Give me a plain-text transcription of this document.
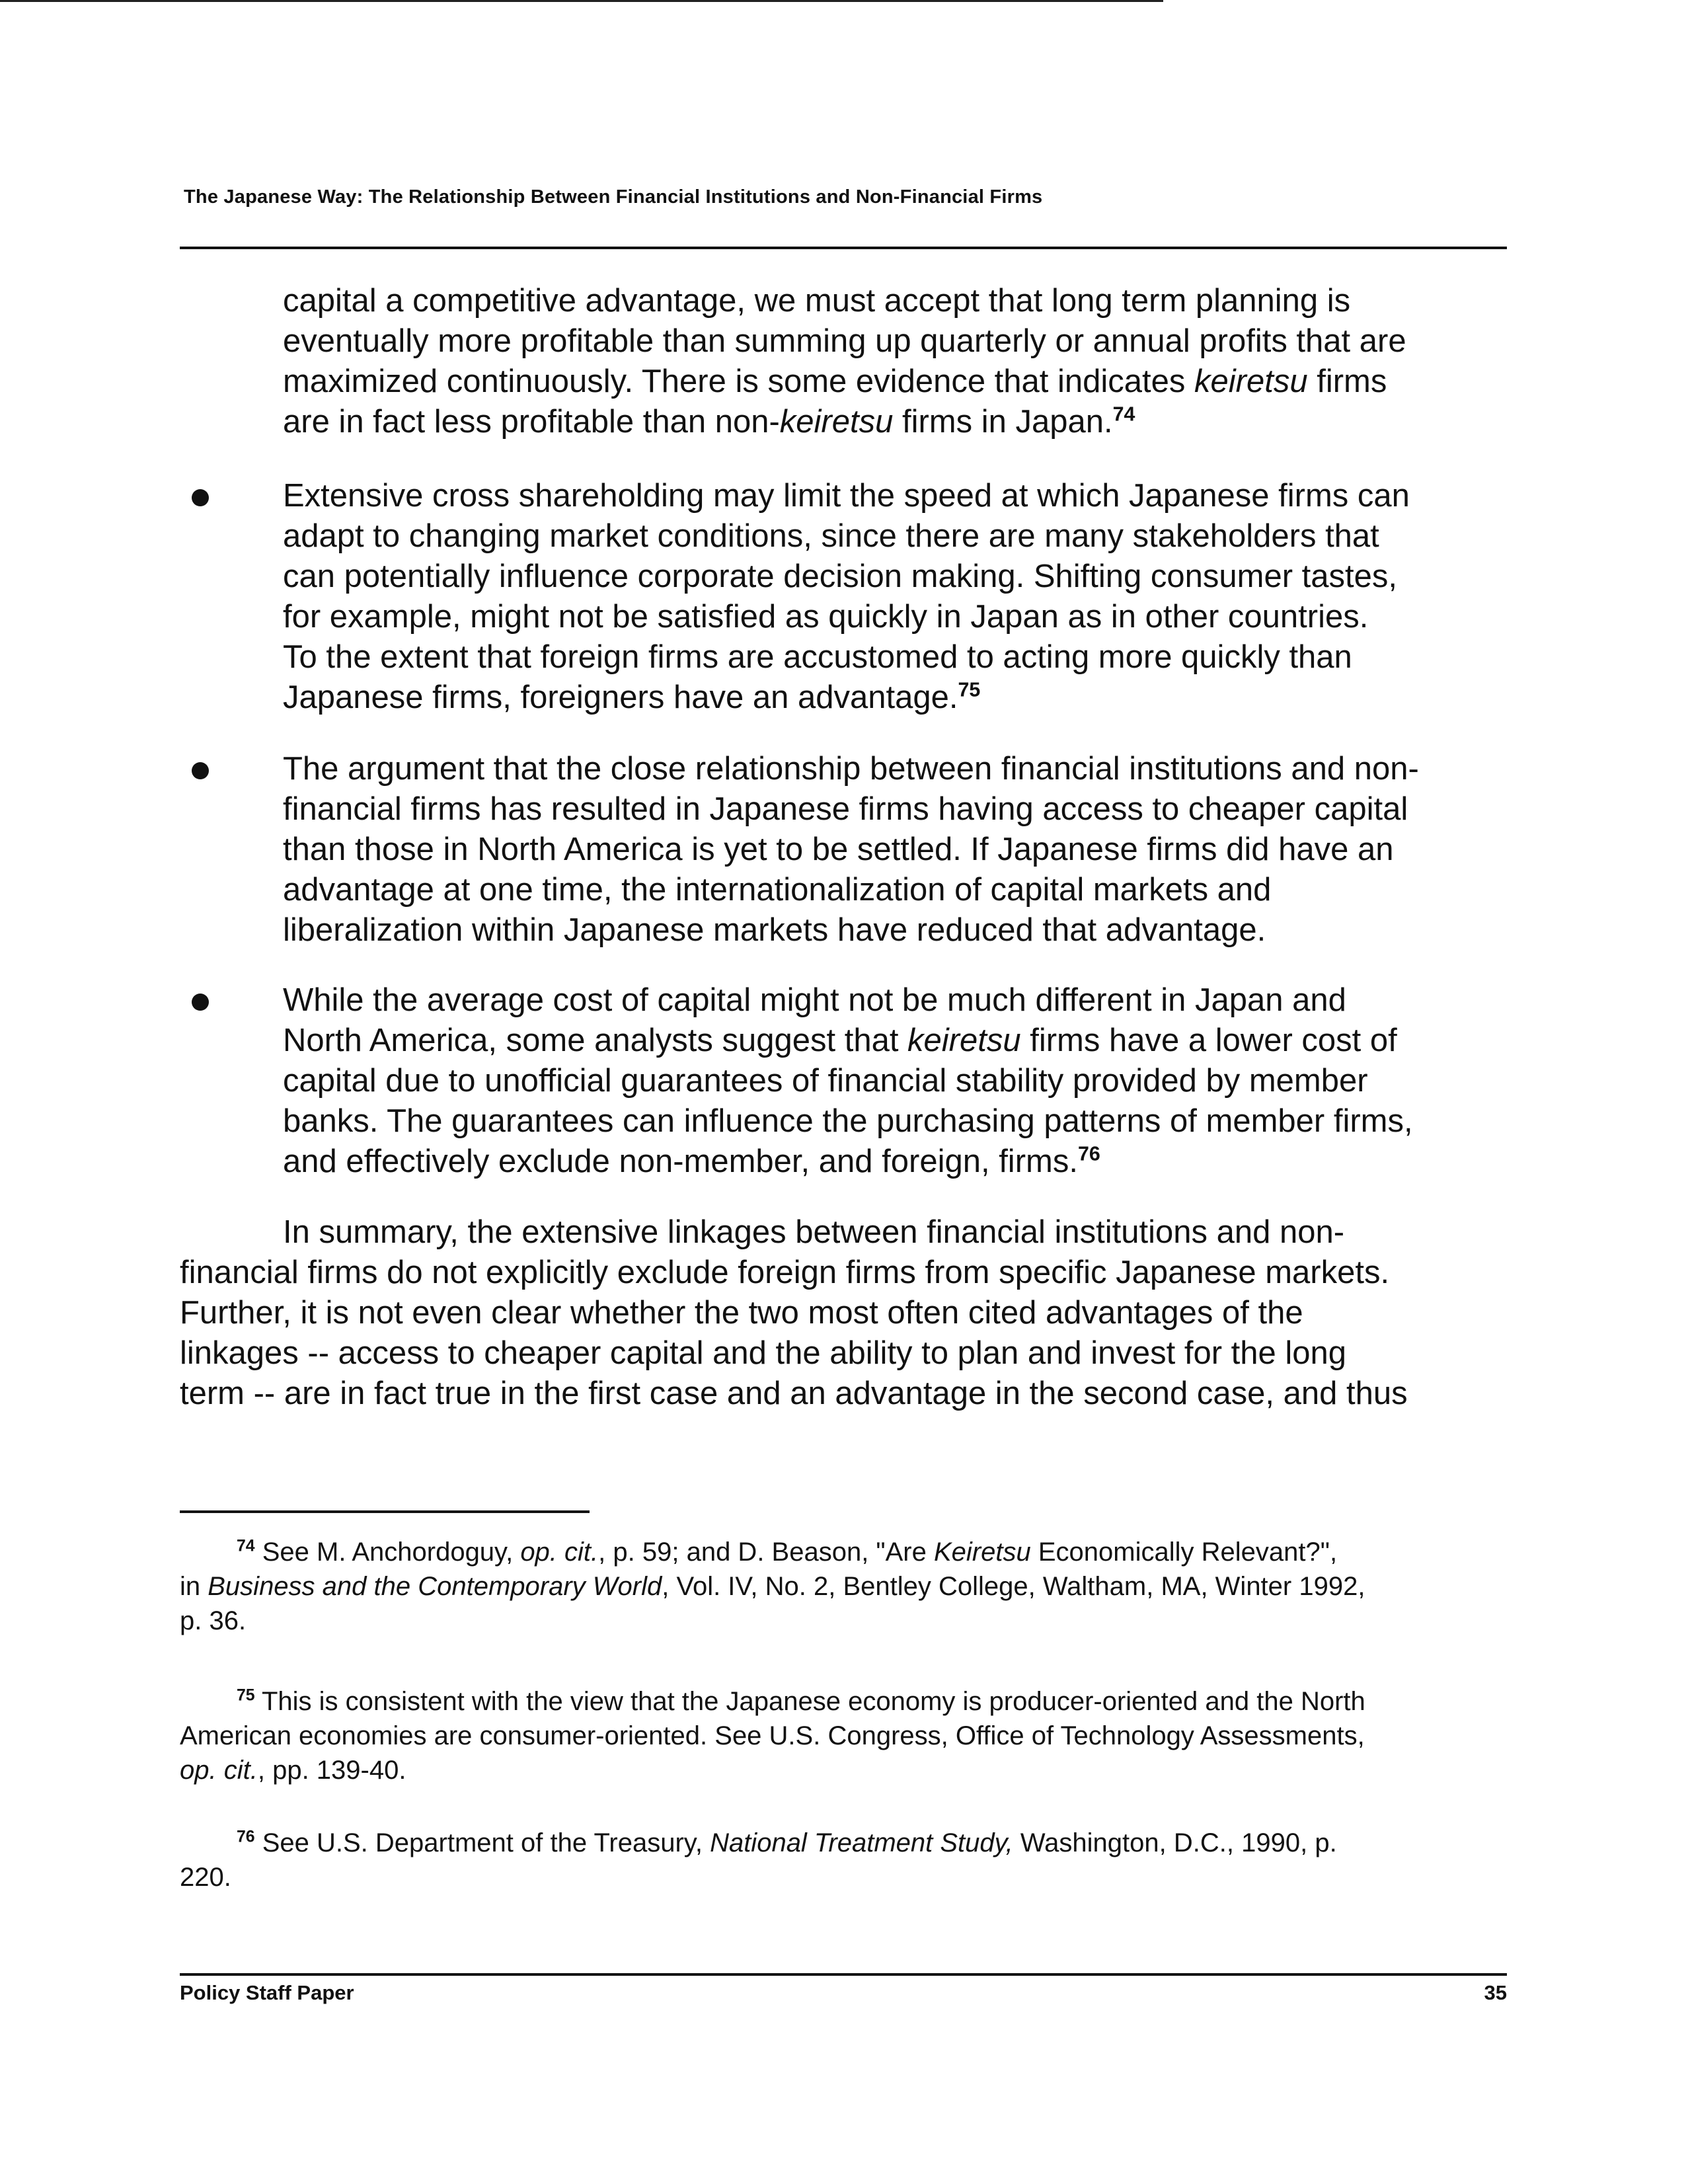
The Japanese Way: The Relationship Between Financial Institutions and Non-Financial Firms
capital a competitive advantage, we must accept that long term planning is
eventually more profitable than summing up quarterly or annual profits that are
maximized continuously. There is some evidence that indicates keiretsu firms
are in fact less profitable than non-keiretsu firms in Japan.$^{74}$
Extensive cross shareholding may limit the speed at which Japanese firms can
adapt to changing market conditions, since there are many stakeholders that
can potentially influence corporate decision making. Shifting consumer tastes,
for example, might not be satisfied as quickly in Japan as in other countries.
To the extent that foreign firms are accustomed to acting more quickly than
Japanese firms, foreigners have an advantage.$^{75}$
The argument that the close relationship between financial institutions and non-
financial firms has resulted in Japanese firms having access to cheaper capital
than those in North America is yet to be settled. If Japanese firms did have an
advantage at one time, the internationalization of capital markets and
liberalization within Japanese markets have reduced that advantage.
While the average cost of capital might not be much different in Japan and
North America, some analysts suggest that keiretsu firms have a lower cost of
capital due to unofficial guarantees of financial stability provided by member
banks. The guarantees can influence the purchasing patterns of member firms,
and effectively exclude non-member, and foreign, firms.$^{76}$
In summary, the extensive linkages between financial institutions and non-
financial firms do not explicitly exclude foreign firms from specific Japanese markets.
Further, it is not even clear whether the two most often cited advantages of the
linkages -- access to cheaper capital and the ability to plan and invest for the long
term -- are in fact true in the first case and an advantage in the second case, and thus
$^{74}$ See M. Anchordoguy, op. cit., p. 59; and D. Beason, "Are Keiretsu Economically Relevant?",
in Business and the Contemporary World, Vol. IV, No. 2, Bentley College, Waltham, MA, Winter 1992,
p. 36.
$^{75}$ This is consistent with the view that the Japanese economy is producer-oriented and the North
American economies are consumer-oriented. See U.S. Congress, Office of Technology Assessments,
op. cit., pp. 139-40.
$^{76}$ See U.S. Department of the Treasury, National Treatment Study, Washington, D.C., 1990, p.
220.
Policy Staff Paper	35
